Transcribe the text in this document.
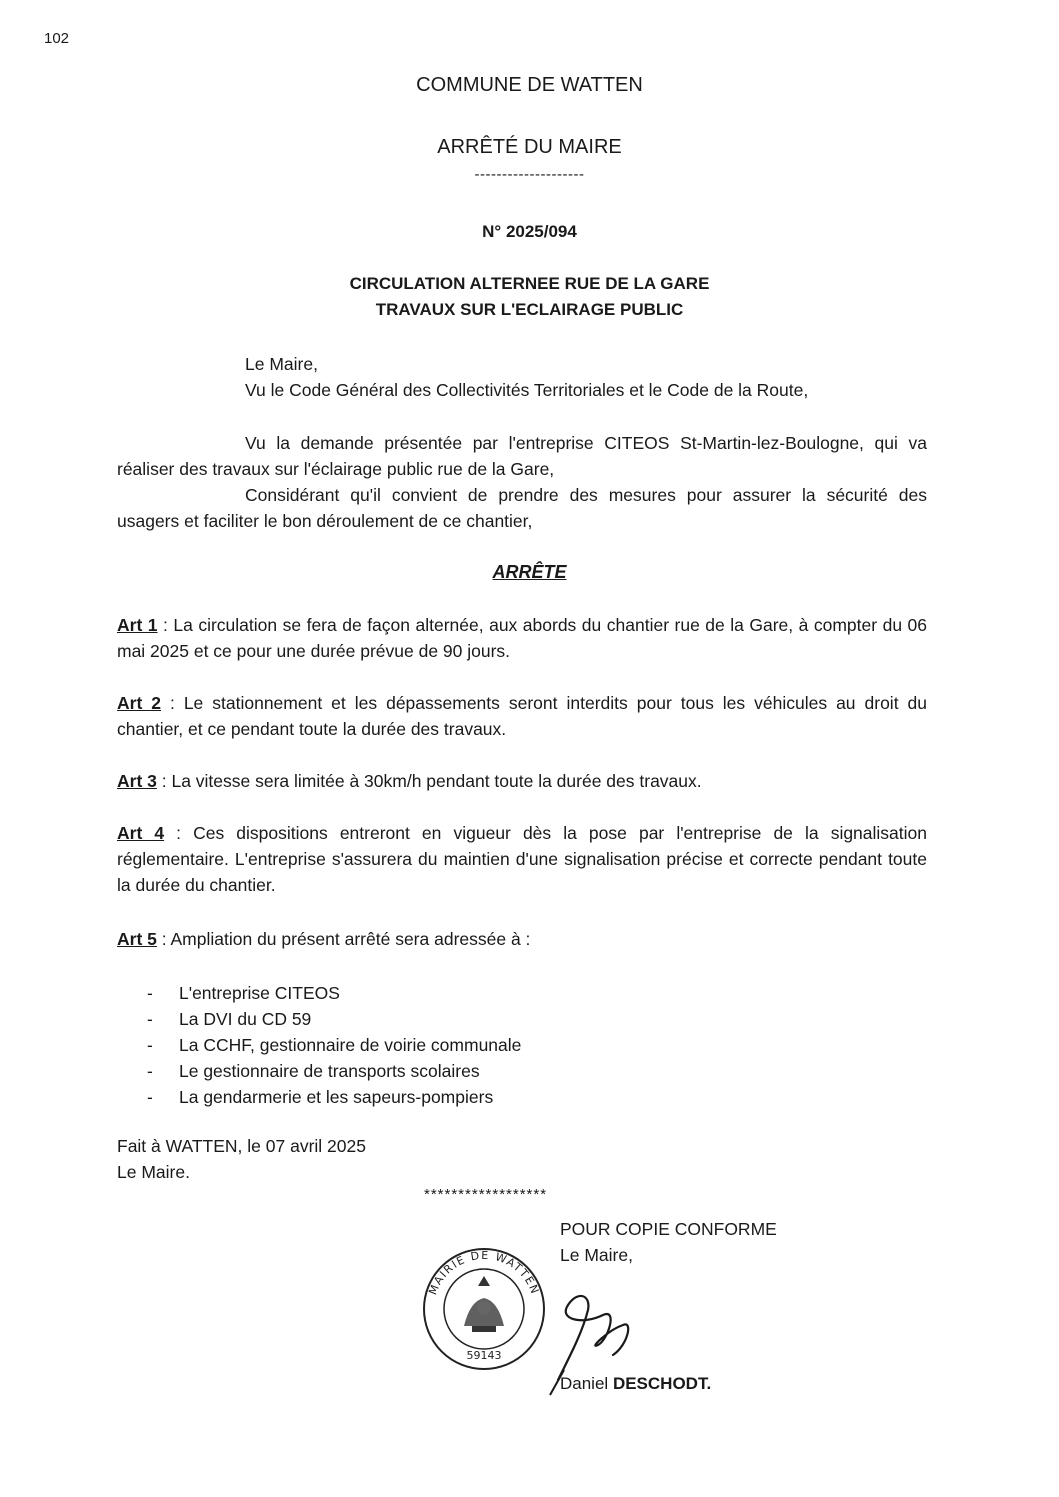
102
COMMUNE DE WATTEN
ARRÊTÉ DU MAIRE
--------------------
N° 2025/094
CIRCULATION ALTERNEE RUE DE LA GARE
TRAVAUX SUR L'ECLAIRAGE PUBLIC
Le Maire,
Vu le Code Général des Collectivités Territoriales et le Code de la Route,

Vu la demande présentée par l'entreprise CITEOS St-Martin-lez-Boulogne, qui va réaliser des travaux sur l'éclairage public rue de la Gare,

Considérant qu'il convient de prendre des mesures pour assurer la sécurité des usagers et faciliter le bon déroulement de ce chantier,

ARRÊTE

Art 1 : La circulation se fera de façon alternée, aux abords du chantier rue de la Gare, à compter du 06 mai 2025 et ce pour une durée prévue de 90 jours.

Art 2 : Le stationnement et les dépassements seront interdits pour tous les véhicules au droit du chantier, et ce pendant toute la durée des travaux.

Art 3 : La vitesse sera limitée à 30km/h pendant toute la durée des travaux.

Art 4 : Ces dispositions entreront en vigueur dès la pose par l'entreprise de la signalisation réglementaire. L'entreprise s'assurera du maintien d'une signalisation précise et correcte pendant toute la durée du chantier.

Art 5 : Ampliation du présent arrêté sera adressée à :

- L'entreprise CITEOS
- La DVI du CD 59
- La CCHF, gestionnaire de voirie communale
- Le gestionnaire de transports scolaires
- La gendarmerie et les sapeurs-pompiers
Fait à WATTEN, le 07 avril 2025
Le Maire.
******************
POUR COPIE CONFORME
Le Maire,
MAIRIE DE WATTEN
59143
Daniel DESCHODT.
